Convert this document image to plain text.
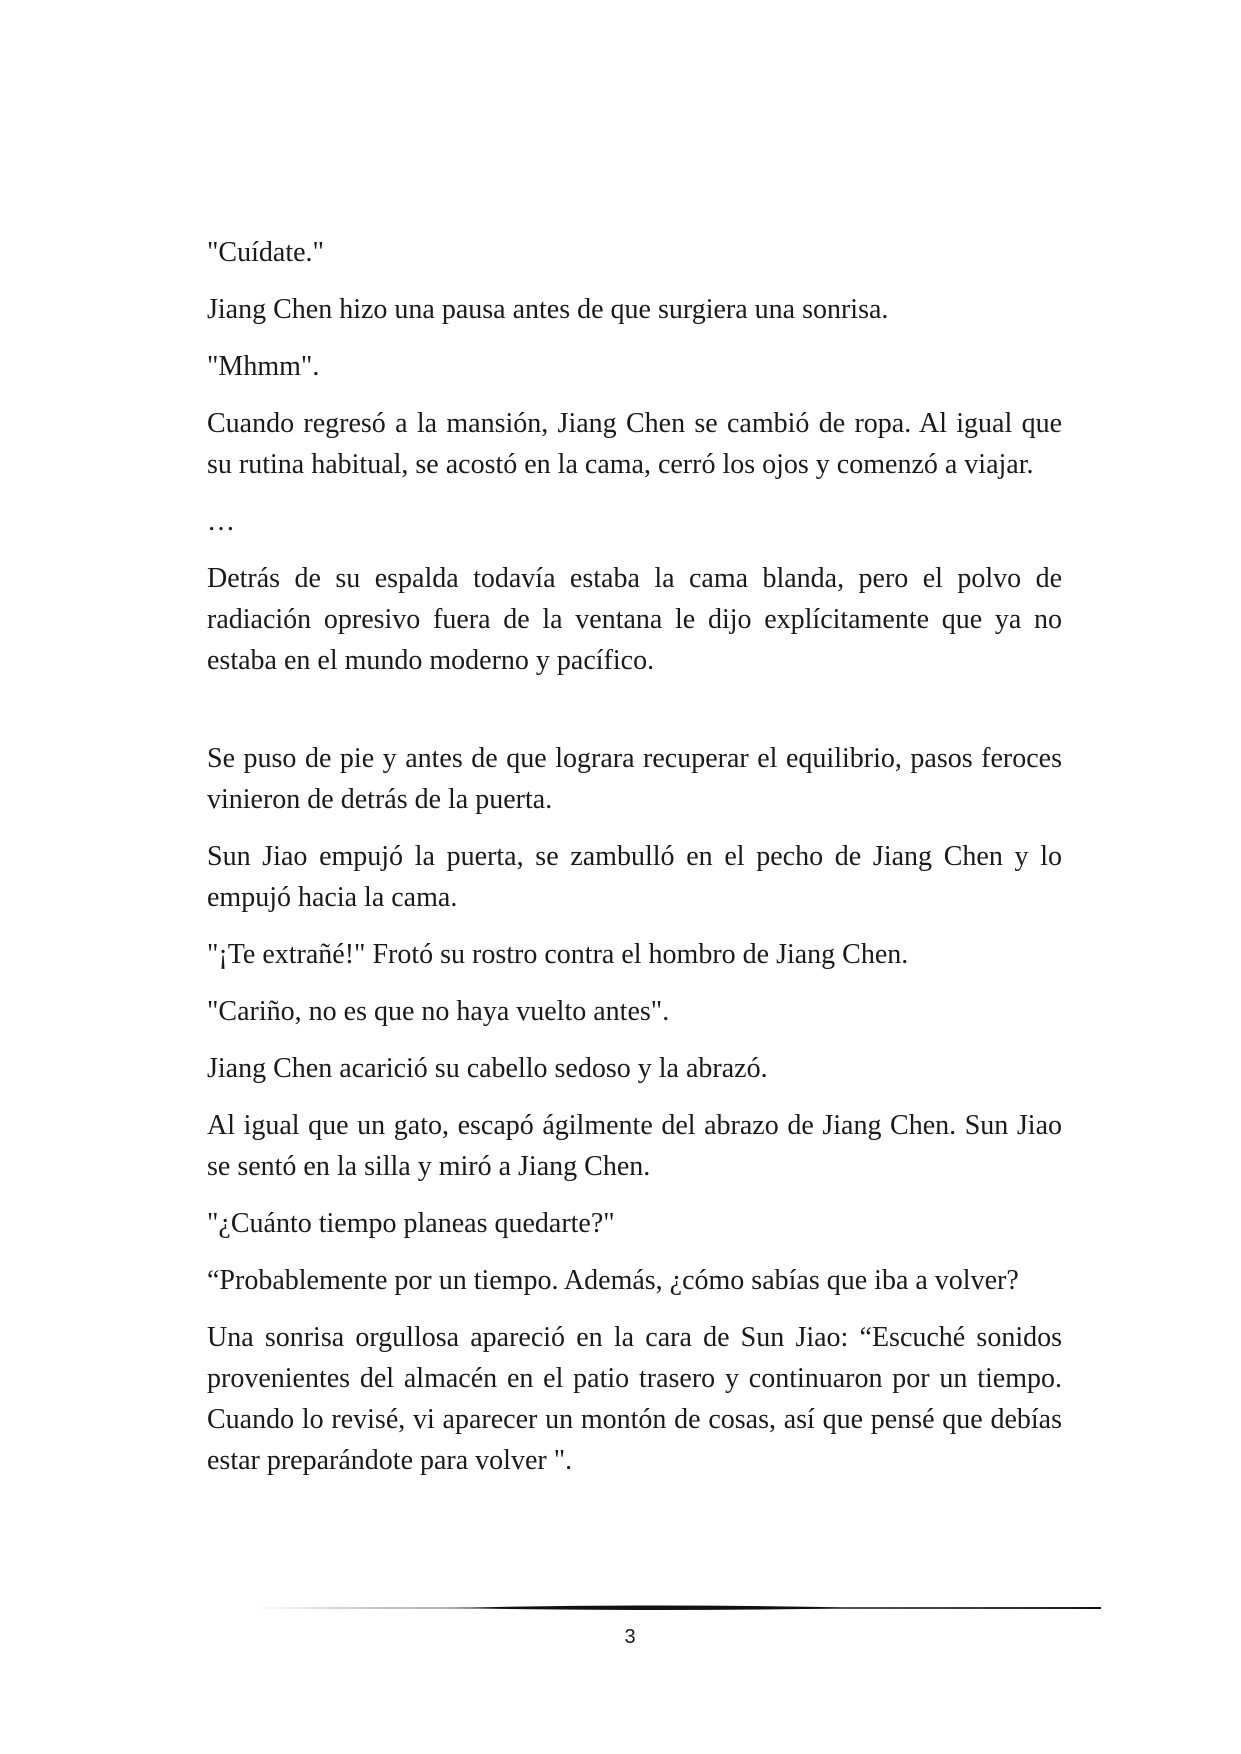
"Cuídate."

Jiang Chen hizo una pausa antes de que surgiera una sonrisa.

"Mhmm".

Cuando regresó a la mansión, Jiang Chen se cambió de ropa. Al igual que su rutina habitual, se acostó en la cama, cerró los ojos y comenzó a viajar.

…

Detrás de su espalda todavía estaba la cama blanda, pero el polvo de radiación opresivo fuera de la ventana le dijo explícitamente que ya no estaba en el mundo moderno y pacífico.

Se puso de pie y antes de que lograra recuperar el equilibrio, pasos feroces vinieron de detrás de la puerta.

Sun Jiao empujó la puerta, se zambulló en el pecho de Jiang Chen y lo empujó hacia la cama.

"¡Te extrañé!" Frotó su rostro contra el hombro de Jiang Chen.

"Cariño, no es que no haya vuelto antes".

Jiang Chen acarició su cabello sedoso y la abrazó.

Al igual que un gato, escapó ágilmente del abrazo de Jiang Chen. Sun Jiao se sentó en la silla y miró a Jiang Chen.

"¿Cuánto tiempo planeas quedarte?"

“Probablemente por un tiempo. Además, ¿cómo sabías que iba a volver?

Una sonrisa orgullosa apareció en la cara de Sun Jiao: “Escuché sonidos provenientes del almacén en el patio trasero y continuaron por un tiempo. Cuando lo revisé, vi aparecer un montón de cosas, así que pensé que debías estar preparándote para volver ".

3
